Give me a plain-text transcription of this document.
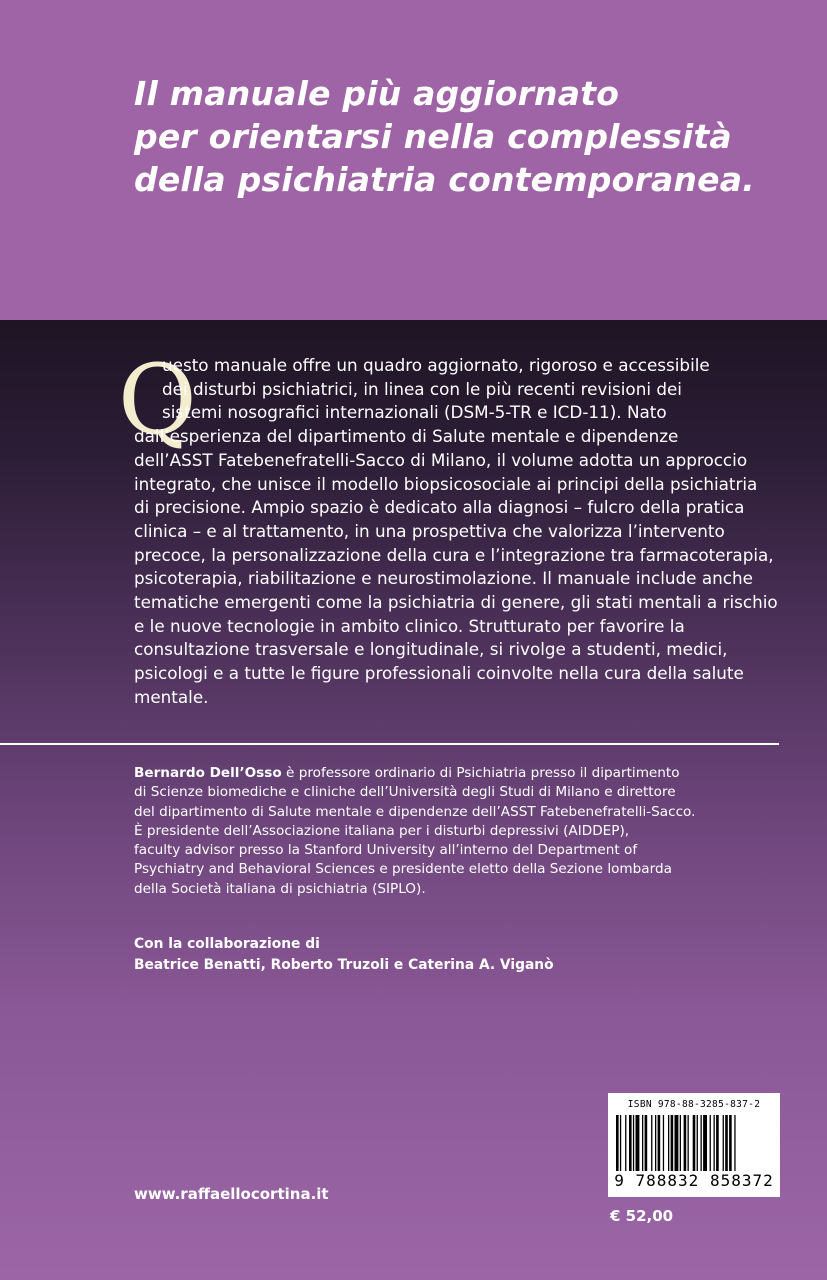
Il manuale più aggiornato
per orientarsi nella complessità
della psichiatria contemporanea.
Q
uesto manuale offre un quadro aggiornato, rigoroso e accessibile
dei disturbi psichiatrici, in linea con le più recenti revisioni dei
sistemi nosografici internazionali (DSM-5-TR e ICD-11). Nato
dall’esperienza del dipartimento di Salute mentale e dipendenze
dell’ASST Fatebenefratelli-Sacco di Milano, il volume adotta un approccio
integrato, che unisce il modello biopsicosociale ai principi della psichiatria
di precisione. Ampio spazio è dedicato alla diagnosi – fulcro della pratica
clinica – e al trattamento, in una prospettiva che valorizza l’intervento
precoce, la personalizzazione della cura e l’integrazione tra farmacoterapia,
psicoterapia, riabilitazione e neurostimolazione. Il manuale include anche
tematiche emergenti come la psichiatria di genere, gli stati mentali a rischio
e le nuove tecnologie in ambito clinico. Strutturato per favorire la
consultazione trasversale e longitudinale, si rivolge a studenti, medici,
psicologi e a tutte le figure professionali coinvolte nella cura della salute
mentale.
Bernardo Dell’Osso è professore ordinario di Psichiatria presso il dipartimento
di Scienze biomediche e cliniche dell’Università degli Studi di Milano e direttore
del dipartimento di Salute mentale e dipendenze dell’ASST Fatebenefratelli-Sacco.
È presidente dell’Associazione italiana per i disturbi depressivi (AIDDEP),
faculty advisor presso la Stanford University all’interno del Department of
Psychiatry and Behavioral Sciences e presidente eletto della Sezione lombarda
della Società italiana di psichiatria (SIPLO).
Con la collaborazione di
Beatrice Benatti, Roberto Truzoli e Caterina A. Viganò
www.raffaellocortina.it
ISBN 978-88-3285-837-2
9 788832 858372
€ 52,00
